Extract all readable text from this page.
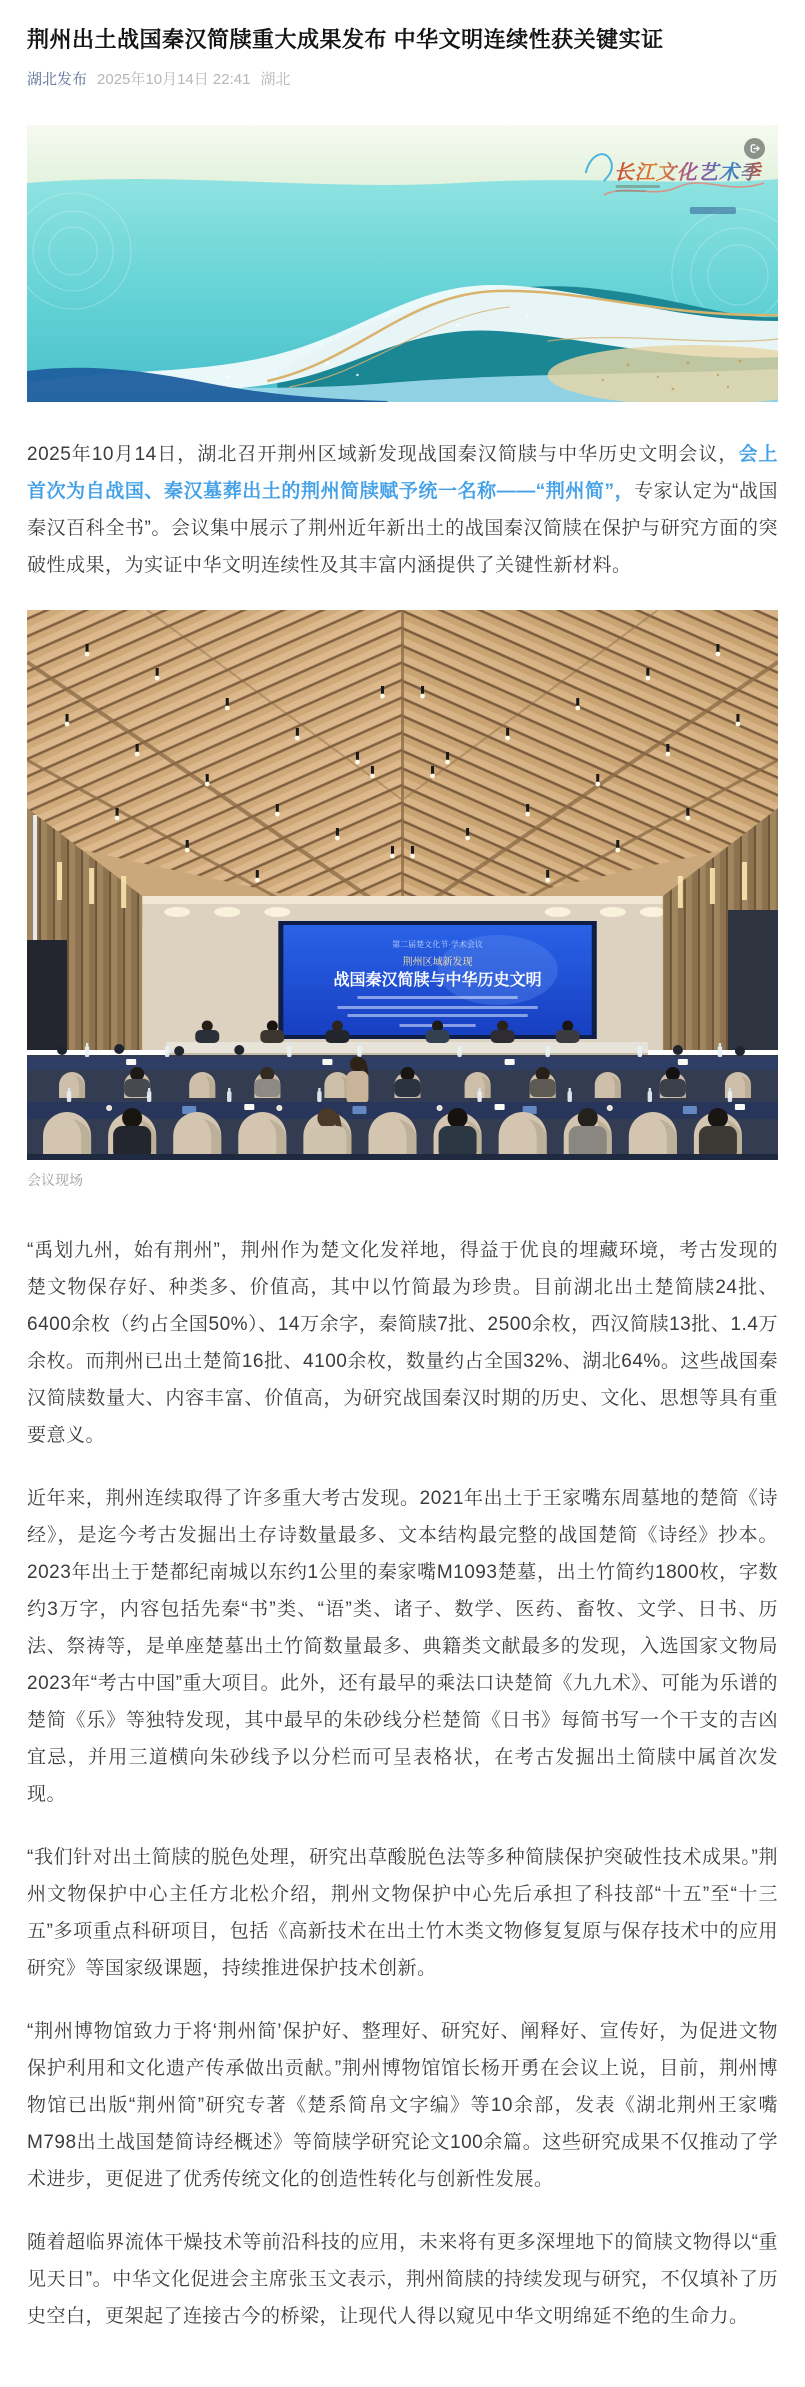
荆州出土战国秦汉简牍重大成果发布 中华文明连续性获关键实证
湖北发布 2025年10月14日 22:41 湖北
长江文化艺术季

2025年10月14日，湖北召开荆州区域新发现战国秦汉简牍与中华历史文明会议，会上首次为自战国、秦汉墓葬出土的荆州简牍赋予统一名称——“荆州简”，专家认定为“战国秦汉百科全书”。会议集中展示了荆州近年新出土的战国秦汉简牍在保护与研究方面的突破性成果，为实证中华文明连续性及其丰富内涵提供了关键性新材料。

第二届楚文化节·学术会议
荆州区域新发现
战国秦汉简牍与中华历史文明
会议现场

“禹划九州，始有荆州”，荆州作为楚文化发祥地，得益于优良的埋藏环境，考古发现的楚文物保存好、种类多、价值高，其中以竹简最为珍贵。目前湖北出土楚简牍24批、6400余枚（约占全国50%）、14万余字，秦简牍7批、2500余枚，西汉简牍13批、1.4万余枚。而荆州已出土楚简16批、4100余枚，数量约占全国32%、湖北64%。这些战国秦汉简牍数量大、内容丰富、价值高，为研究战国秦汉时期的历史、文化、思想等具有重要意义。

近年来，荆州连续取得了许多重大考古发现。2021年出土于王家嘴东周墓地的楚简《诗经》，是迄今考古发掘出土存诗数量最多、文本结构最完整的战国楚简《诗经》抄本。 2023年出土于楚都纪南城以东约1公里的秦家嘴M1093楚墓，出土竹简约1800枚，字数约3万字，内容包括先秦“书”类、“语”类、诸子、数学、医药、畜牧、文学、日书、历法、祭祷等，是单座楚墓出土竹简数量最多、典籍类文献最多的发现，入选国家文物局2023年“考古中国”重大项目。此外，还有最早的乘法口诀楚简《九九术》、可能为乐谱的楚简《乐》等独特发现，其中最早的朱砂线分栏楚简《日书》每简书写一个干支的吉凶宜忌，并用三道横向朱砂线予以分栏而可呈表格状，在考古发掘出土简牍中属首次发现。

“我们针对出土简牍的脱色处理，研究出草酸脱色法等多种简牍保护突破性技术成果。”荆州文物保护中心主任方北松介绍，荆州文物保护中心先后承担了科技部“十五”至“十三五”多项重点科研项目，包括《高新技术在出土竹木类文物修复复原与保存技术中的应用研究》等国家级课题，持续推进保护技术创新。

“荆州博物馆致力于将‘荆州简’保护好、整理好、研究好、阐释好、宣传好，为促进文物保护利用和文化遗产传承做出贡献。”荆州博物馆馆长杨开勇在会议上说，目前，荆州博物馆已出版“荆州简”研究专著《楚系简帛文字编》等10余部，发表《湖北荆州王家嘴M798出土战国楚简诗经概述》等简牍学研究论文100余篇。这些研究成果不仅推动了学术进步，更促进了优秀传统文化的创造性转化与创新性发展。

随着超临界流体干燥技术等前沿科技的应用，未来将有更多深埋地下的简牍文物得以“重见天日”。中华文化促进会主席张玉文表示，荆州简牍的持续发现与研究，不仅填补了历史空白，更架起了连接古今的桥梁，让现代人得以窥见中华文明绵延不绝的生命力。
